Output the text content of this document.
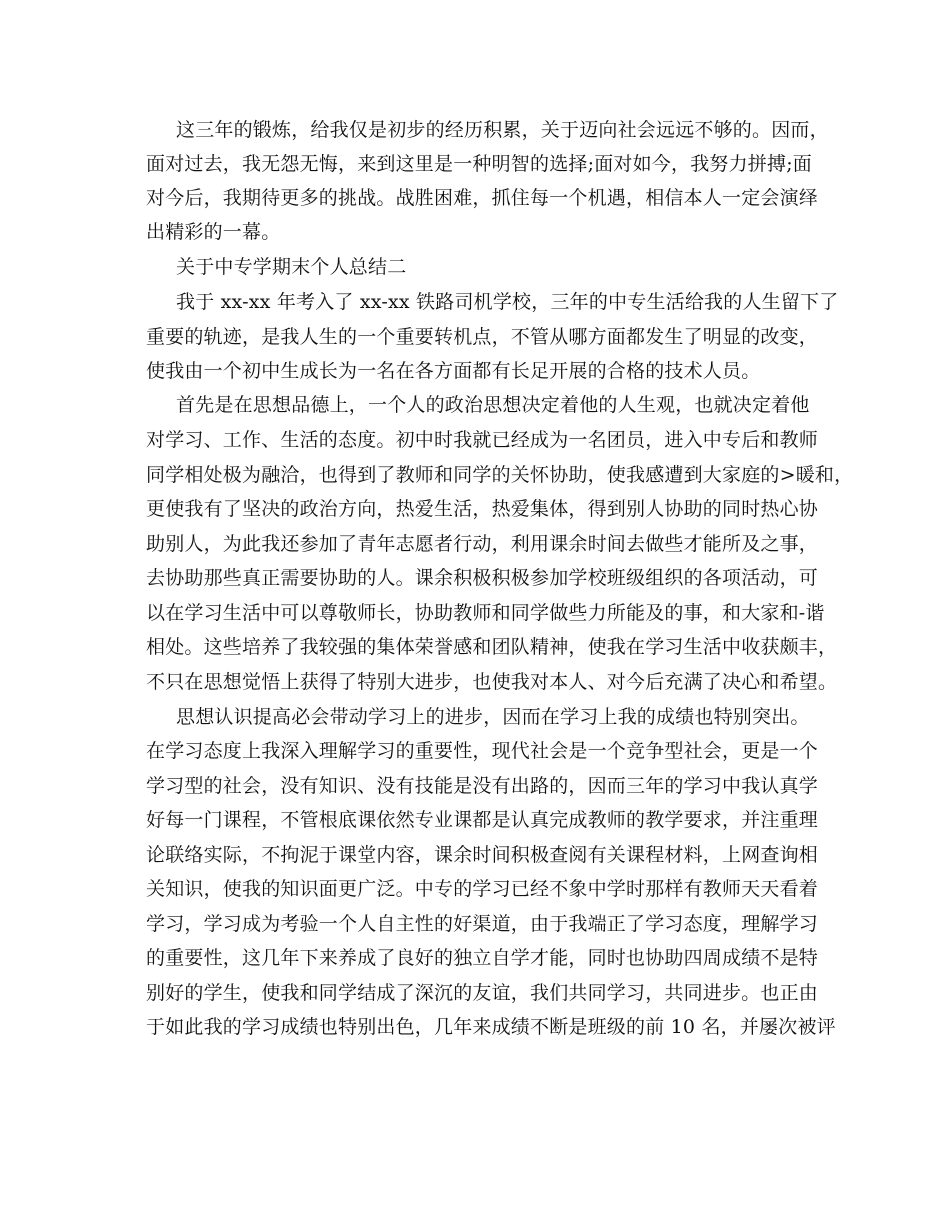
这三年的锻炼，给我仅是初步的经历积累，关于迈向社会远远不够的。因而，
面对过去，我无怨无悔，来到这里是一种明智的选择;面对如今，我努力拼搏;面
对今后，我期待更多的挑战。战胜困难，抓住每一个机遇，相信本人一定会演绎
出精彩的一幕。
关于中专学期末个人总结二
我于 xx-xx 年考入了 xx-xx 铁路司机学校，三年的中专生活给我的人生留下了
重要的轨迹，是我人生的一个重要转机点，不管从哪方面都发生了明显的改变，
使我由一个初中生成长为一名在各方面都有长足开展的合格的技术人员。
首先是在思想品德上，一个人的政治思想决定着他的人生观，也就决定着他
对学习、工作、生活的态度。初中时我就已经成为一名团员，进入中专后和教师
同学相处极为融洽，也得到了教师和同学的关怀协助，使我感遭到大家庭的>暖和，
更使我有了坚决的政治方向，热爱生活，热爱集体，得到别人协助的同时热心协
助别人，为此我还参加了青年志愿者行动，利用课余时间去做些才能所及之事，
去协助那些真正需要协助的人。课余积极积极参加学校班级组织的各项活动，可
以在学习生活中可以尊敬师长，协助教师和同学做些力所能及的事，和大家和-谐
相处。这些培养了我较强的集体荣誉感和团队精神，使我在学习生活中收获颇丰，
不只在思想觉悟上获得了特别大进步，也使我对本人、对今后充满了决心和希望。
思想认识提高必会带动学习上的进步，因而在学习上我的成绩也特别突出。
在学习态度上我深入理解学习的重要性，现代社会是一个竞争型社会，更是一个
学习型的社会，没有知识、没有技能是没有出路的，因而三年的学习中我认真学
好每一门课程，不管根底课依然专业课都是认真完成教师的教学要求，并注重理
论联络实际，不拘泥于课堂内容，课余时间积极查阅有关课程材料，上网查询相
关知识，使我的知识面更广泛。中专的学习已经不象中学时那样有教师天天看着
学习，学习成为考验一个人自主性的好渠道，由于我端正了学习态度，理解学习
的重要性，这几年下来养成了良好的独立自学才能，同时也协助四周成绩不是特
别好的学生，使我和同学结成了深沉的友谊，我们共同学习，共同进步。也正由
于如此我的学习成绩也特别出色，几年来成绩不断是班级的前 10 名，并屡次被评
